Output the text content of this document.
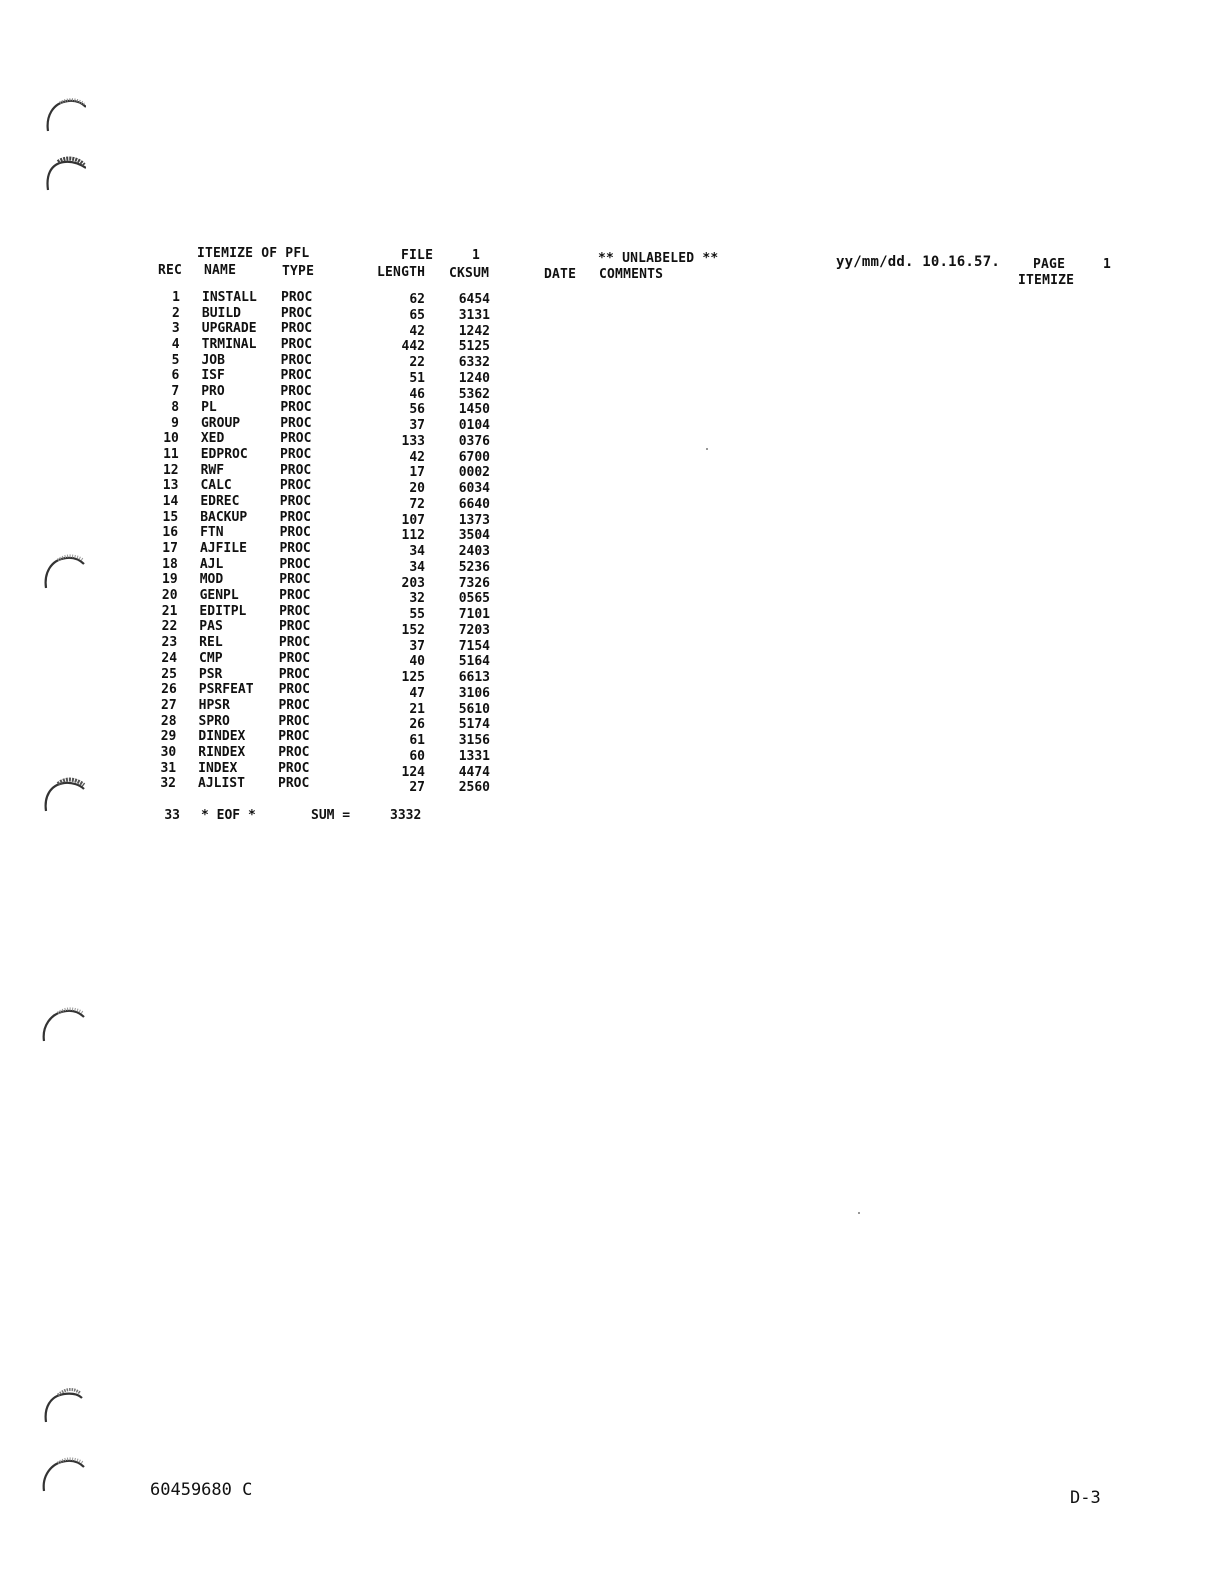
ITEMIZE OF PFL	FILE	1	** UNLABELED **	yy/mm/dd. 10.16.57.	PAGE	1
REC NAME	TYPE	LENGTH CKSUM	DATE COMMENTS	ITEMIZE
1 INSTALL	PROC	62	6454
2 BUILD	PROC	65	3131
3 UPGRADE	PROC	42	1242
4 TRMINAL	PROC	442	5125
5 JOB	PROC	22	6332
6 ISF	PROC	51	1240
7 PRO	PROC	46	5362
8 PL	PROC	56	1450
9 GROUP	PROC	37	0104
10 XED	PROC	133	0376
11 EDPROC	PROC	42	6700
12 RWF	PROC	17	0002
13 CALC	PROC	20	6034
14 EDREC	PROC	72	6640
15 BACKUP	PROC	107	1373
16 FTN	PROC	112	3504
17 AJFILE	PROC	34	2403
18 AJL	PROC	34	5236
19 MOD	PROC	203	7326
20 GENPL	PROC	32	0565
21 EDITPL	PROC	55	7101
22 PAS	PROC	152	7203
23 REL	PROC	37	7154
24 CMP	PROC	40	5164
25 PSR	PROC	125	6613
26 PSRFEAT	PROC	47	3106
27 HPSR	PROC	21	5610
28 SPRO	PROC	26	5174
29 DINDEX	PROC	61	3156
30 RINDEX	PROC	60	1331
31 INDEX	PROC	124	4474
32 AJLIST	PROC	27	2560
33 * EOF *	SUM =	3332
60459680 C	D-3
